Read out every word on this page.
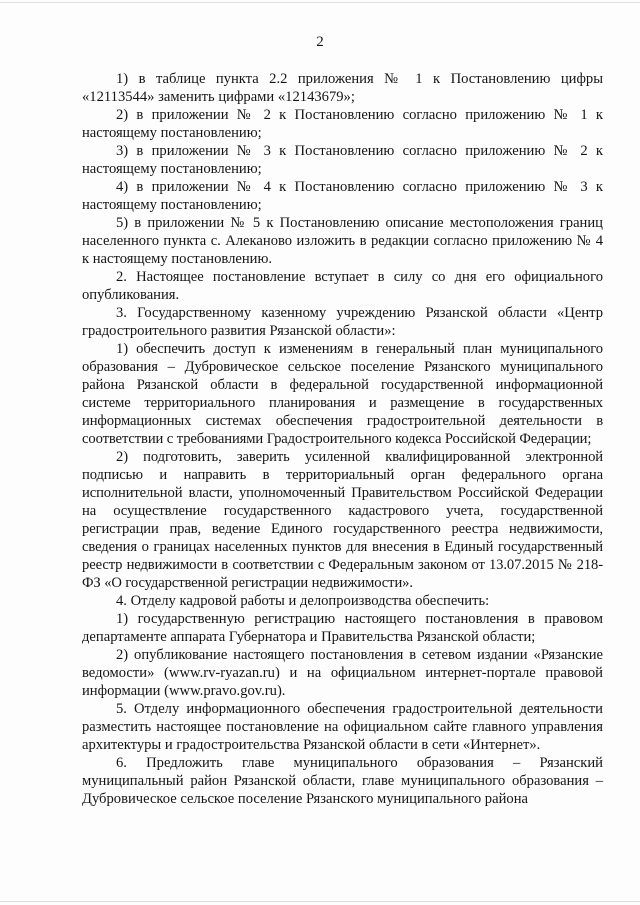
2

1) в таблице пункта 2.2 приложения № 1 к Постановлению цифры «12113544» заменить цифрами «12143679»;

2) в приложении № 2 к Постановлению согласно приложению № 1 к настоящему постановлению;

3) в приложении № 3 к Постановлению согласно приложению № 2 к настоящему постановлению;

4) в приложении № 4 к Постановлению согласно приложению № 3 к настоящему постановлению;

5) в приложении № 5 к Постановлению описание местоположения границ населенного пункта с. Алеканово изложить в редакции согласно приложению № 4 к настоящему постановлению.

2. Настоящее постановление вступает в силу со дня его официального опубликования.

3. Государственному казенному учреждению Рязанской области «Центр градостроительного развития Рязанской области»:

1) обеспечить доступ к изменениям в генеральный план муниципального образования – Дубровическое сельское поселение Рязанского муниципального района Рязанской области в федеральной государственной информационной системе территориального планирования и размещение в государственных информационных системах обеспечения градостроительной деятельности в соответствии с требованиями Градостроительного кодекса Российской Федерации;

2) подготовить, заверить усиленной квалифицированной электронной подписью и направить в территориальный орган федерального органа исполнительной власти, уполномоченный Правительством Российской Федерации на осуществление государственного кадастрового учета, государственной регистрации прав, ведение Единого государственного реестра недвижимости, сведения о границах населенных пунктов для внесения в Единый государственный реестр недвижимости в соответствии с Федеральным законом от 13.07.2015 № 218-ФЗ «О государственной регистрации недвижимости».

4. Отделу кадровой работы и делопроизводства обеспечить:

1) государственную регистрацию настоящего постановления в правовом департаменте аппарата Губернатора и Правительства Рязанской области;

2) опубликование настоящего постановления в сетевом издании «Рязанские ведомости» (www.rv-ryazan.ru) и на официальном интернет-портале правовой информации (www.pravo.gov.ru).

5. Отделу информационного обеспечения градостроительной деятельности разместить настоящее постановление на официальном сайте главного управления архитектуры и градостроительства Рязанской области в сети «Интернет».

6. Предложить главе муниципального образования – Рязанский муниципальный район Рязанской области, главе муниципального образования – Дубровическое сельское поселение Рязанского муниципального района
